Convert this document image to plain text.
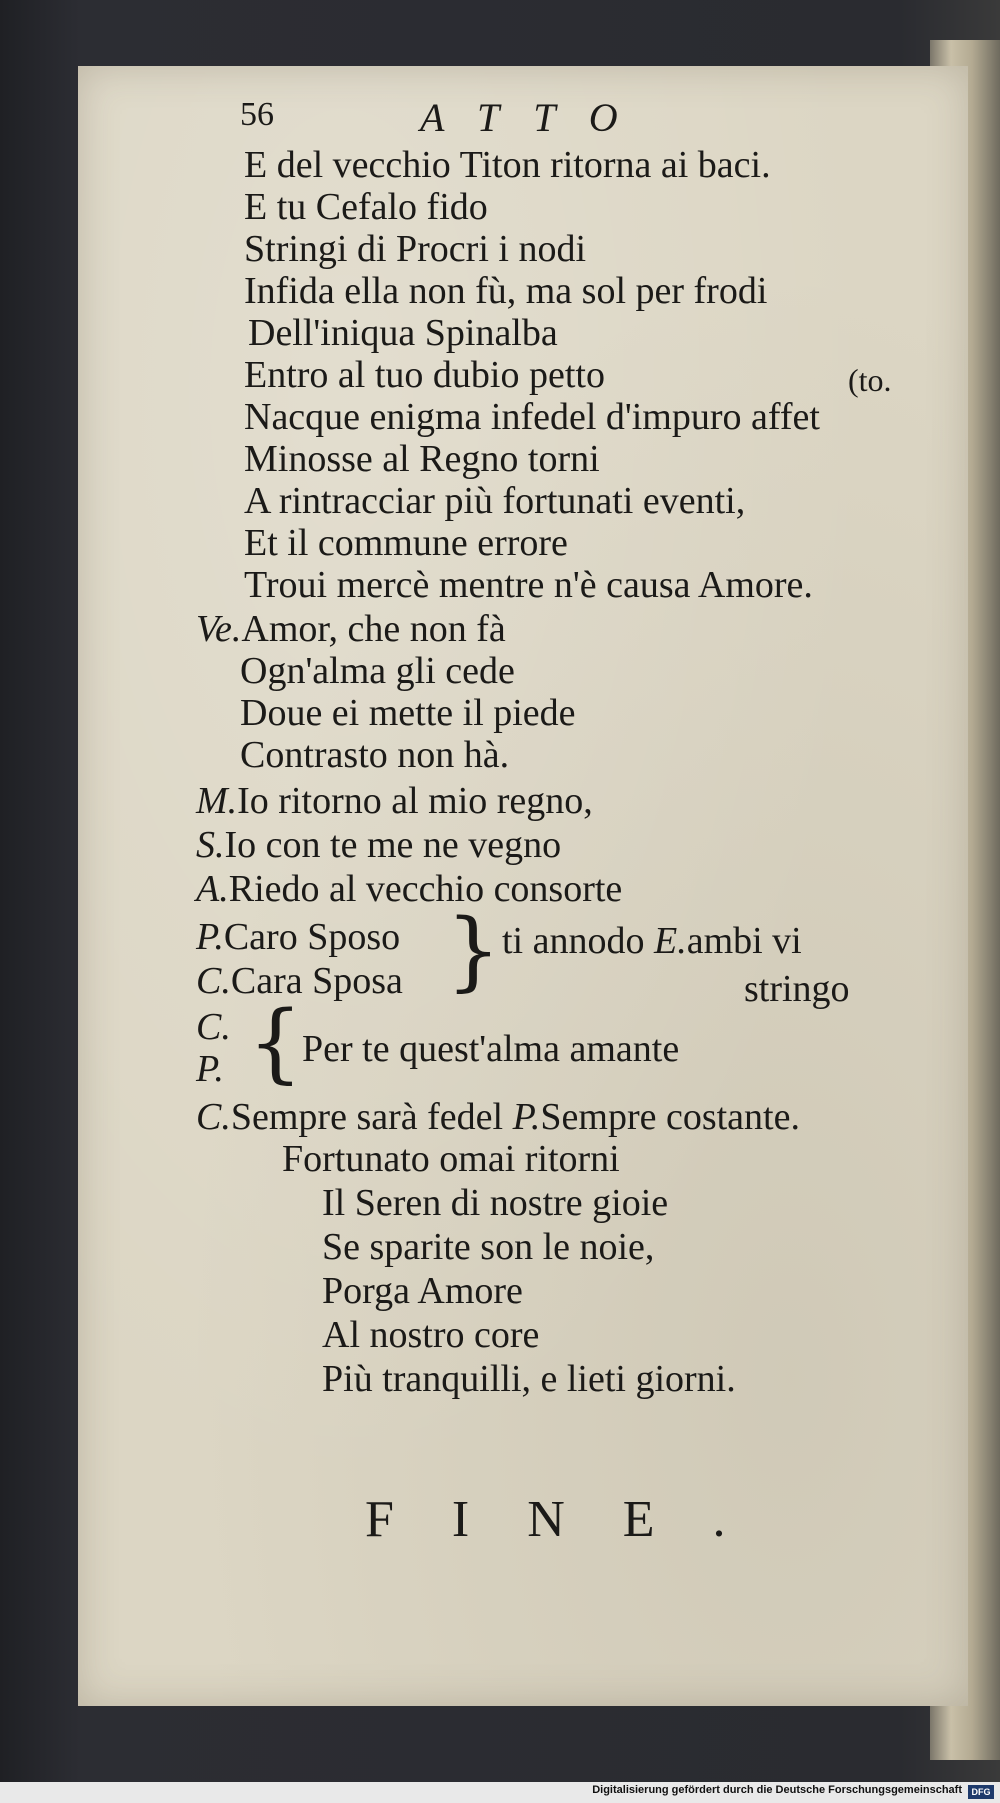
56	ATTO
E del vecchio Titon ritorna ai baci.
E tu Cefalo fido
Stringi di Procri i nodi
Infida ella non fù, ma sol per frodi
Dell'iniqua Spinalba
Entro al tuo dubio petto	(to.
Nacque enigma infedel d'impuro affet
Minosse al Regno torni
A rintracciar più fortunati eventi,
Et il commune errore
Troui mercè mentre n'è causa Amore.
Ve.Amor, che non fà
Ogn'alma gli cede
Doue ei mette il piede
Contrasto non hà.
M.Io ritorno al mio regno,
S.Io con te me ne vegno
A.Riedo al vecchio consorte
P.Caro Sposo
C.Cara Sposa } ti annodo E.ambi vi
stringo
C.
P. { Per te quest'alma amante
C.Sempre sarà fedel P.Sempre costante.
Fortunato omai ritorni
Il Seren di nostre gioie
Se sparite son le noie,
Porga Amore
Al nostro core
Più tranquilli, e lieti giorni.
FINE.
Digitalisierung gefördert durch die Deutsche Forschungsgemeinschaft	DFG
